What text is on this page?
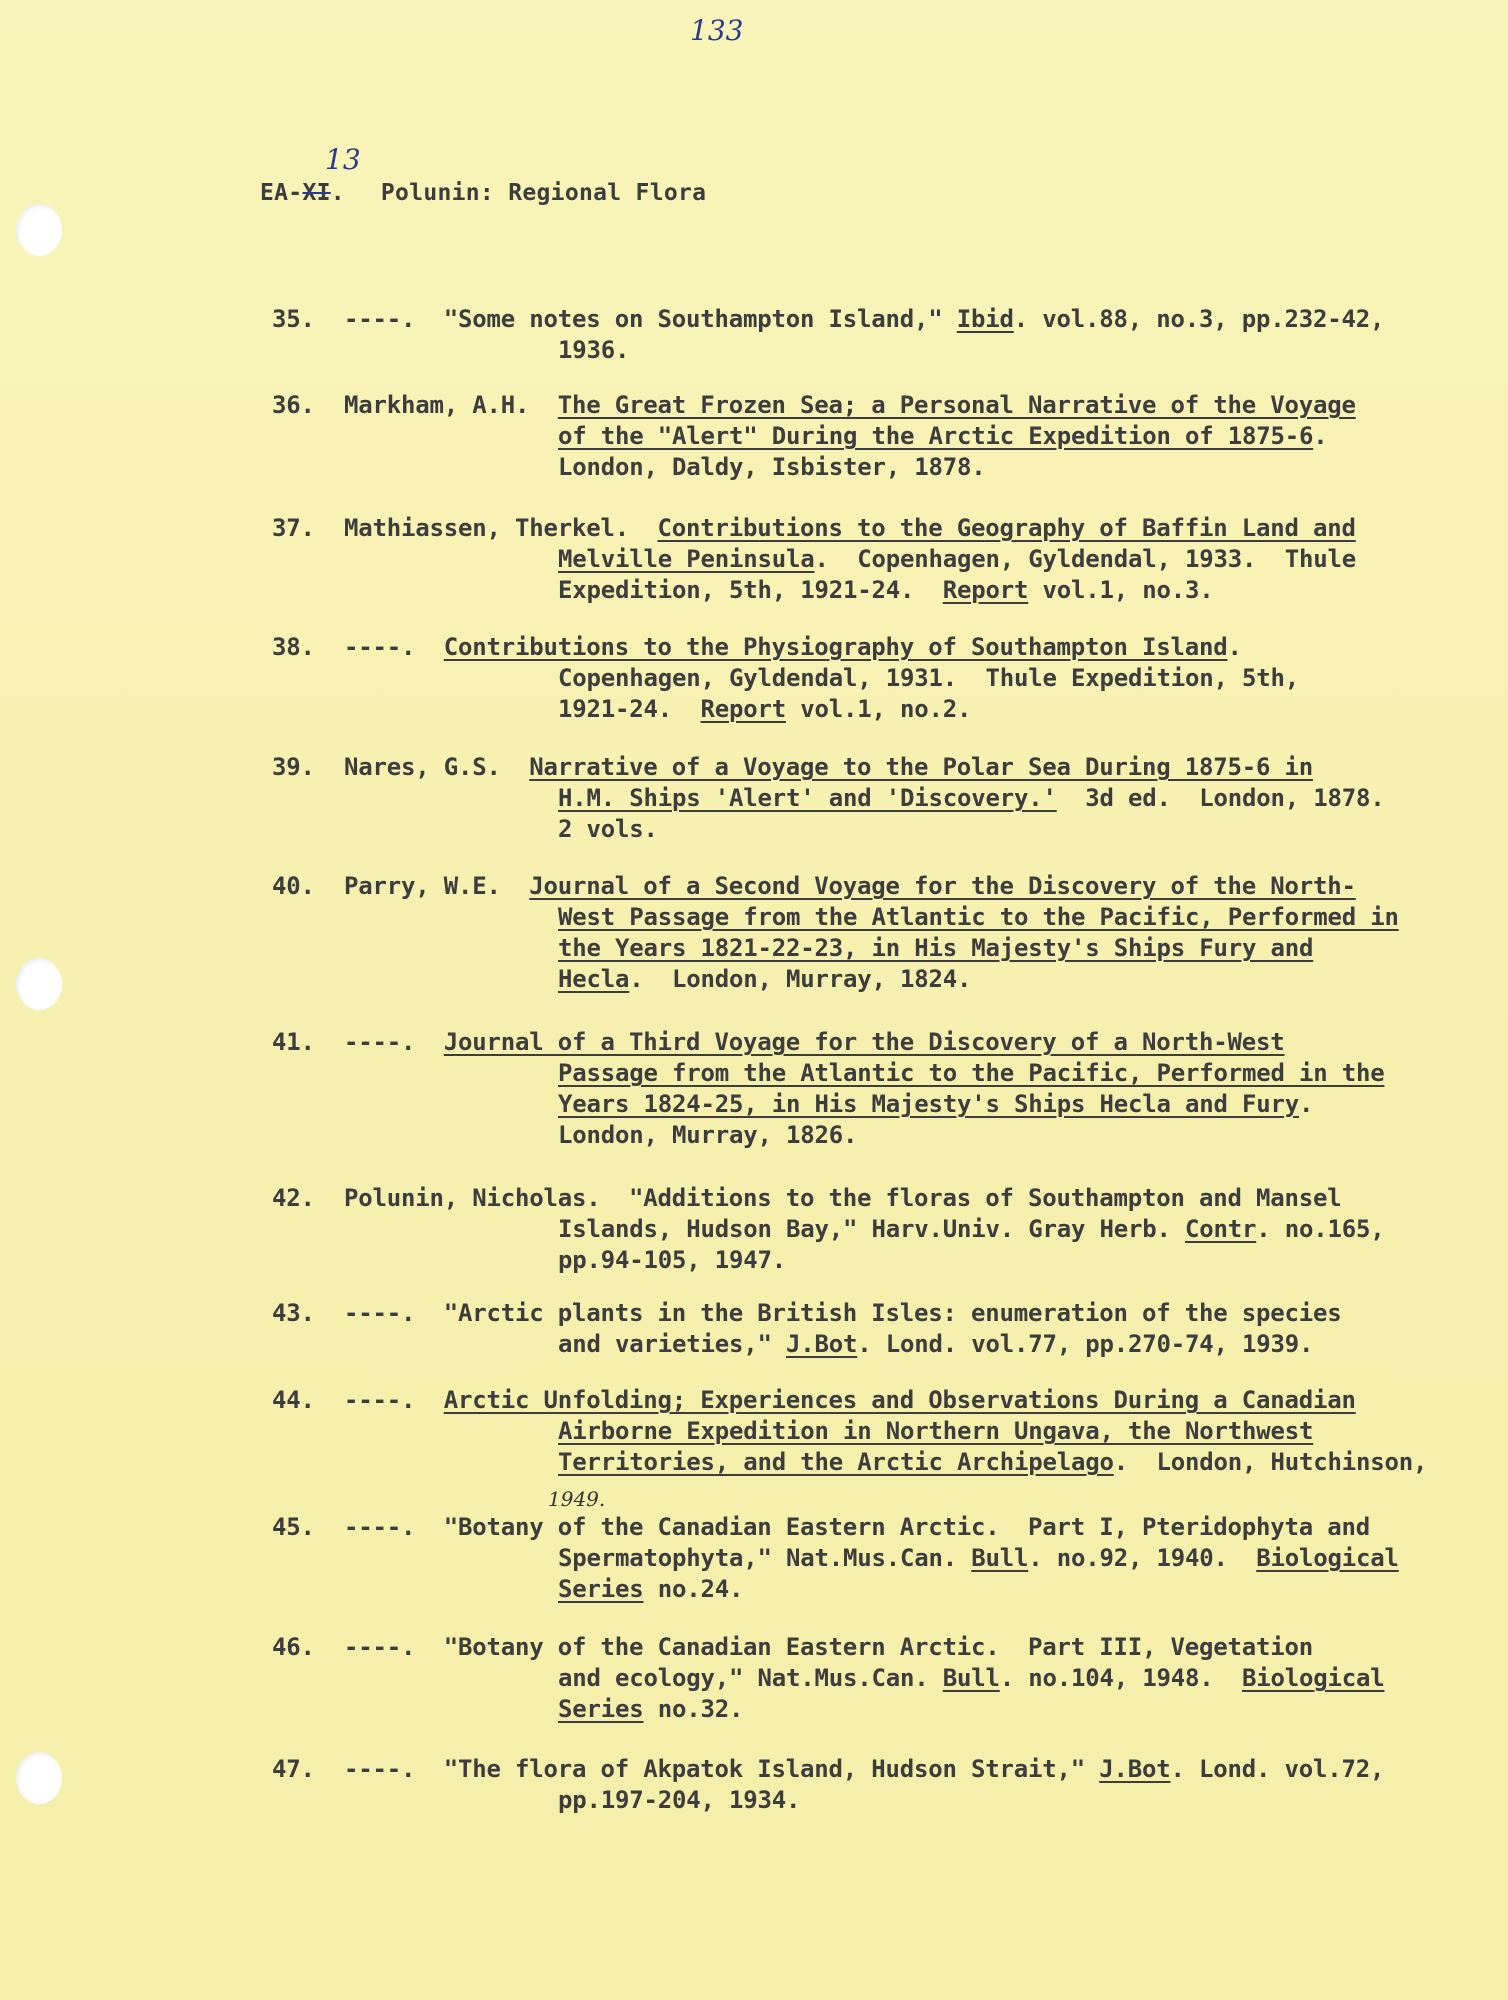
133
EA-XI. Polunin: Regional Flora
13
35. ----.  "Some notes on Southampton Island," Ibid. vol.88, no.3, pp.232-42,
1936.
36. Markham, A.H.  The Great Frozen Sea; a Personal Narrative of the Voyage
of the "Alert" During the Arctic Expedition of 1875-6.
London, Daldy, Isbister, 1878.
37. Mathiassen, Therkel.  Contributions to the Geography of Baffin Land and
Melville Peninsula.  Copenhagen, Gyldendal, 1933.  Thule
Expedition, 5th, 1921-24.  Report vol.1, no.3.
38. ----.  Contributions to the Physiography of Southampton Island.
Copenhagen, Gyldendal, 1931.  Thule Expedition, 5th,
1921-24.  Report vol.1, no.2.
39. Nares, G.S.  Narrative of a Voyage to the Polar Sea During 1875-6 in
H.M. Ships 'Alert' and 'Discovery.'  3d ed.  London, 1878.
2 vols.
40. Parry, W.E.  Journal of a Second Voyage for the Discovery of the North-
West Passage from the Atlantic to the Pacific, Performed in
the Years 1821-22-23, in His Majesty's Ships Fury and
Hecla.  London, Murray, 1824.
41. ----.  Journal of a Third Voyage for the Discovery of a North-West
Passage from the Atlantic to the Pacific, Performed in the
Years 1824-25, in His Majesty's Ships Hecla and Fury.
London, Murray, 1826.
42. Polunin, Nicholas.  "Additions to the floras of Southampton and Mansel
Islands, Hudson Bay," Harv.Univ. Gray Herb. Contr. no.165,
pp.94-105, 1947.
43. ----.  "Arctic plants in the British Isles: enumeration of the species
and varieties," J.Bot. Lond. vol.77, pp.270-74, 1939.
44. ----.  Arctic Unfolding; Experiences and Observations During a Canadian
Airborne Expedition in Northern Ungava, the Northwest
Territories, and the Arctic Archipelago.  London, Hutchinson,
45. ----.  "Botany of the Canadian Eastern Arctic.  Part I, Pteridophyta and
Spermatophyta," Nat.Mus.Can. Bull. no.92, 1940.  Biological
Series no.24.
46. ----.  "Botany of the Canadian Eastern Arctic.  Part III, Vegetation
and ecology," Nat.Mus.Can. Bull. no.104, 1948.  Biological
Series no.32.
47. ----.  "The flora of Akpatok Island, Hudson Strait," J.Bot. Lond. vol.72,
pp.197-204, 1934.
1949.
